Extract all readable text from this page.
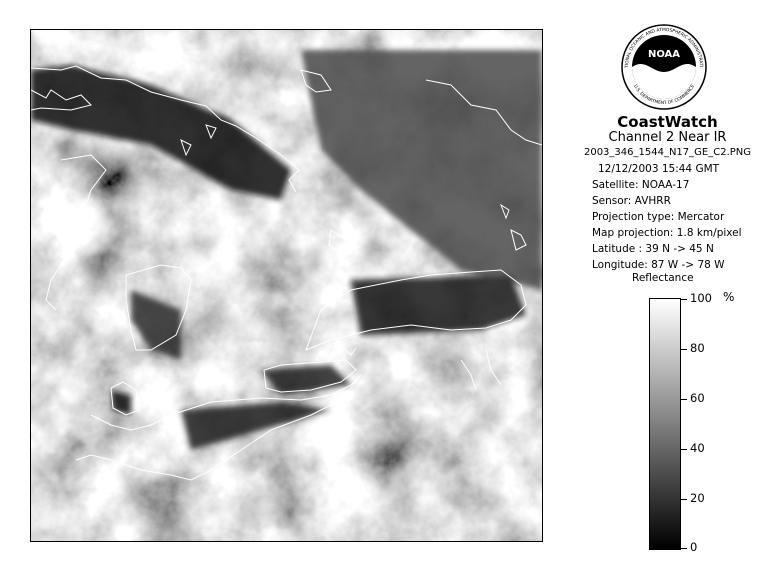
NOAA
TIONAL OCEANIC AND ATMOSPHERIC ADMINISTRATI
U.S. DEPARTMENT OF COMMERCE
CoastWatch
Channel 2 Near IR
2003_346_1544_N17_GE_C2.PNG
12/12/2003 15:44 GMT
Satellite: NOAA-17
Sensor: AVHRR
Projection type: Mercator
Map projection: 1.8 km/pixel
Latitude : 39 N -> 45 N
Longitude: 87 W -> 78 W
Reflectance
%
100
80
60
40
20
0
